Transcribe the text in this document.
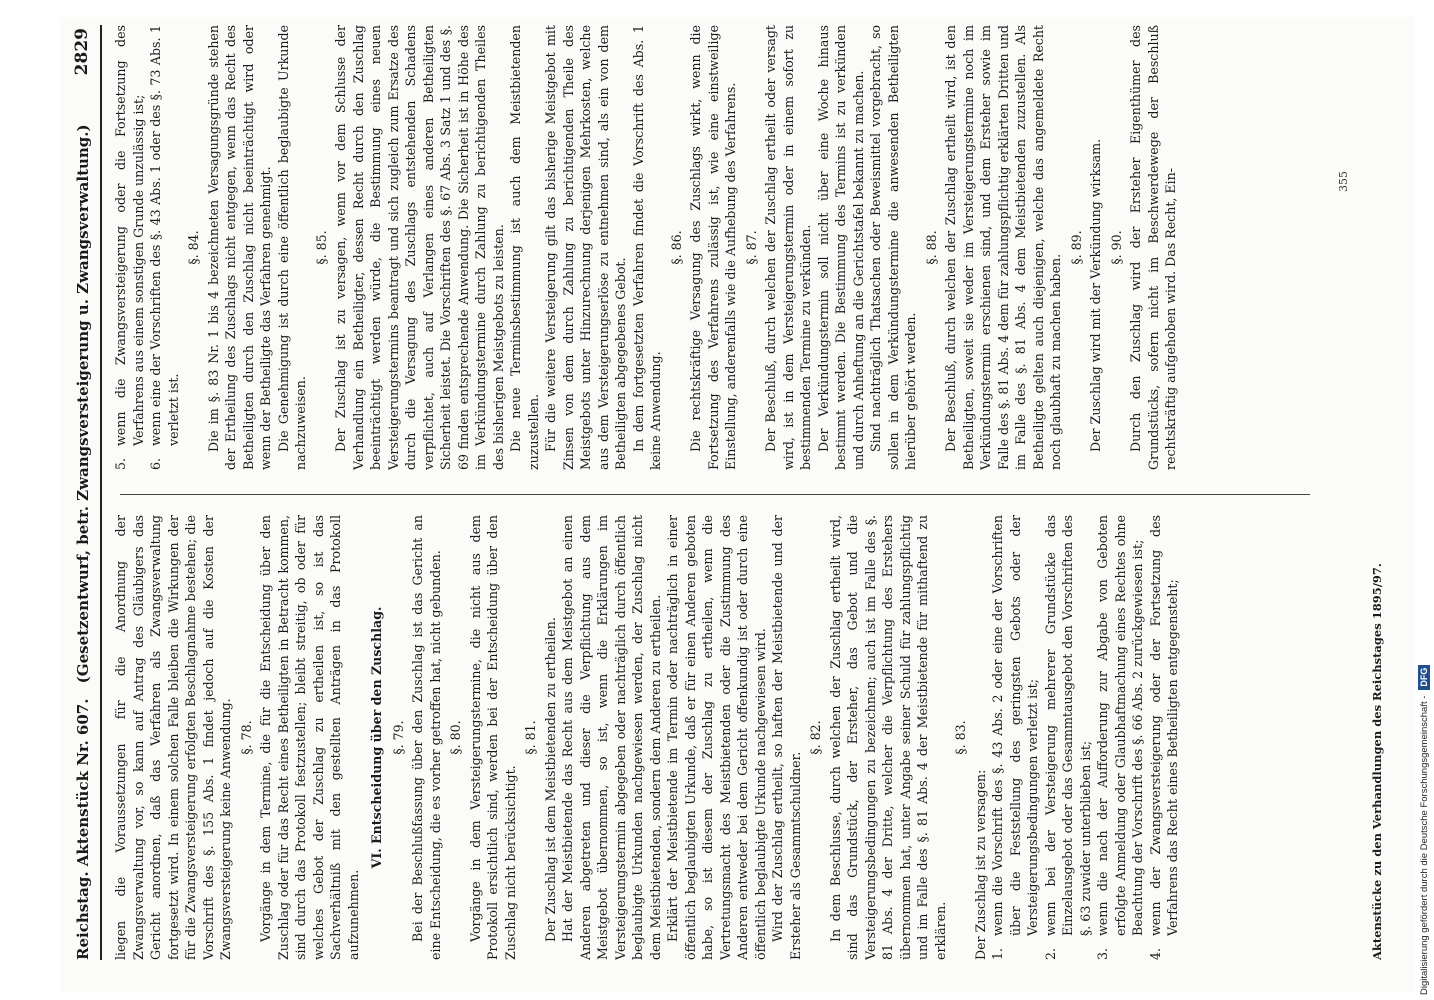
Reichstag. Aktenstück Nr. 607. (Gesetzentwurf, betr. Zwangsversteigerung u. Zwangsverwaltung.)
2829

liegen die Voraussetzungen für die Anordnung der Zwangsverwaltung vor, so kann auf Antrag des Gläubigers das Gericht anordnen, daß das Verfahren als Zwangsverwaltung fortgesetzt wird. In einem solchen Falle bleiben die Wirkungen der für die Zwangsversteigerung erfolgten Beschlagnahme bestehen; die Vorschrift des §. 155 Abs. 1 findet jedoch auf die Kosten der Zwangsversteigerung keine Anwendung. §. 78. Vorgänge in dem Termine, die für die Entscheidung über den Zuschlag oder für das Recht eines Betheiligten in Betracht kommen, sind durch das Protokoll festzustellen; bleibt streitig, ob oder für welches Gebot der Zuschlag zu ertheilen ist, so ist das Sachverhältniß mit den gestellten Anträgen in das Protokoll aufzunehmen.

VI. Entscheidung über den Zuschlag. §. 79. Bei der Beschlußfassung über den Zuschlag ist das Gericht an eine Entscheidung, die es vorher getroffen hat, nicht gebunden. §. 80. Vorgänge in dem Versteigerungstermine, die nicht aus dem Protokoll ersichtlich sind, werden bei der Entscheidung über den Zuschlag nicht berücksichtigt.

§. 81. Der Zuschlag ist dem Meistbietenden zu ertheilen. Hat der Meistbietende das Recht aus dem Meistgebot an einen Anderen abgetreten und dieser die Verpflichtung aus dem Meistgebot übernommen, so ist, wenn die Erklärungen im Versteigerungstermin abgegeben oder nachträglich durch öffentlich beglaubigte Urkunden nachgewiesen werden, der Zuschlag nicht dem Meistbietenden, sondern dem Anderen zu ertheilen. Erklärt der Meistbietende im Termin oder nachträglich in einer öffentlich beglaubigten Urkunde, daß er für einen Anderen geboten habe, so ist diesem der Zuschlag zu ertheilen, wenn die Vertretungsmacht des Meistbietenden oder die Zustimmung des Anderen entweder bei dem Gericht offenkundig ist oder durch eine öffentlich beglaubigte Urkunde nachgewiesen wird. Wird der Zuschlag ertheilt, so haften der Meistbietende und der Ersteher als Gesammtschuldner.

§. 82. In dem Beschlusse, durch welchen der Zuschlag ertheilt wird, sind das Grundstück, der Ersteher, das Gebot und die Versteigerungsbedingungen zu bezeichnen; auch ist im Falle des §. 81 Abs. 4 der Dritte, welcher die Verpflichtung des Erstehers übernommen hat, unter Angabe seiner Schuld für zahlungspflichtig und im Falle des §. 81 Abs. 4 der Meistbietende für mithaftend zu erklären.

§. 83.

Der Zuschlag ist zu versagen: 1.
wenn die Vorschrift des §. 43 Abs. 2 oder eine der Vorschriften über die Feststellung des geringsten Gebots oder der Versteigerungsbedingungen verletzt ist;
2.
wenn bei der Versteigerung mehrerer Grundstücke das Einzelausgebot oder das Gesammtausgebot den Vorschriften des §. 63 zuwider unterblieben ist;
3.
wenn die nach der Aufforderung zur Abgabe von Geboten erfolgte Anmeldung oder Glaubhaftmachung eines Rechtes ohne Beachtung der Vorschrift des §. 66 Abs. 2 zurückgewiesen ist;
4.
wenn der Zwangsversteigerung oder der Fortsetzung des Verfahrens das Recht eines Betheiligten entgegensteht;
5.
wenn die Zwangsversteigerung oder die Fortsetzung des Verfahrens aus einem sonstigen Grunde unzulässig ist;
6.
wenn eine der Vorschriften des §. 43 Abs. 1 oder des §. 73 Abs. 1 verletzt ist.
§. 84. Die im §. 83 Nr. 1 bis 4 bezeichneten Versagungsgründe stehen der Ertheilung des Zuschlags nicht entgegen, wenn das Recht des Betheiligten durch den Zuschlag nicht beeinträchtigt wird oder wenn der Betheiligte das Verfahren genehmigt. Die Genehmigung ist durch eine öffentlich beglaubigte Urkunde nachzuweisen.

§. 85. Der Zuschlag ist zu versagen, wenn vor dem Schlusse der Verhandlung ein Betheiligter, dessen Recht durch den Zuschlag beeinträchtigt werden würde, die Bestimmung eines neuen Versteigerungstermins beantragt und sich zugleich zum Ersatze des durch die Versagung des Zuschlags entstehenden Schadens verpflichtet, auch auf Verlangen eines anderen Betheiligten Sicherheit leistet. Die Vorschriften des §. 67 Abs. 3 Satz 1 und des §. 69 finden entsprechende Anwendung. Die Sicherheit ist in Höhe des im Verkündungstermine durch Zahlung zu berichtigenden Theiles des bisherigen Meistgebots zu leisten. Die neue Terminsbestimmung ist auch dem Meistbietenden zuzustellen. Für die weitere Versteigerung gilt das bisherige Meistgebot mit Zinsen von dem durch Zahlung zu berichtigenden Theile des Meistgebots unter Hinzurechnung derjenigen Mehrkosten, welche aus dem Versteigerungserlöse zu entnehmen sind, als ein von dem Betheiligten abgegebenes Gebot. In dem fortgesetzten Verfahren findet die Vorschrift des Abs. 1 keine Anwendung.

§. 86. Die rechtskräftige Versagung des Zuschlags wirkt, wenn die Fortsetzung des Verfahrens zulässig ist, wie eine einstweilige Einstellung, anderenfalls wie die Aufhebung des Verfahrens. §. 87. Der Beschluß, durch welchen der Zuschlag ertheilt oder versagt wird, ist in dem Versteigerungstermin oder in einem sofort zu bestimmenden Termine zu verkünden. Der Verkündungstermin soll nicht über eine Woche hinaus bestimmt werden. Die Bestimmung des Termins ist zu verkünden und durch Anheftung an die Gerichtstafel bekannt zu machen. Sind nachträglich Thatsachen oder Beweismittel vorgebracht, so sollen in dem Verkündungstermine die anwesenden Betheiligten hierüber gehört werden.

§. 88. Der Beschluß, durch welchen der Zuschlag ertheilt wird, ist den Betheiligten, soweit sie weder im Versteigerungstermine noch im Verkündungstermin erschienen sind, und dem Ersteher sowie im Falle des §. 81 Abs. 4 dem für zahlungspflichtig erklärten Dritten und im Falle des §. 81 Abs. 4 dem Meistbietenden zuzustellen. Als Betheiligte gelten auch diejenigen, welche das angemeldete Recht noch glaubhaft zu machen haben.

§. 89. Der Zuschlag wird mit der Verkündung wirksam. §. 90. Durch den Zuschlag wird der Ersteher Eigenthümer des Grundstücks, sofern nicht im Beschwerdewege der Beschluß rechtskräftig aufgehoben wird. Das Recht, Ein-	355
Aktenstücke zu den Verhandlungen des Reichstages 1895/97.	Digitalisierung gefördert durch die Deutsche Forschungsgemeinschaft -
DFG
